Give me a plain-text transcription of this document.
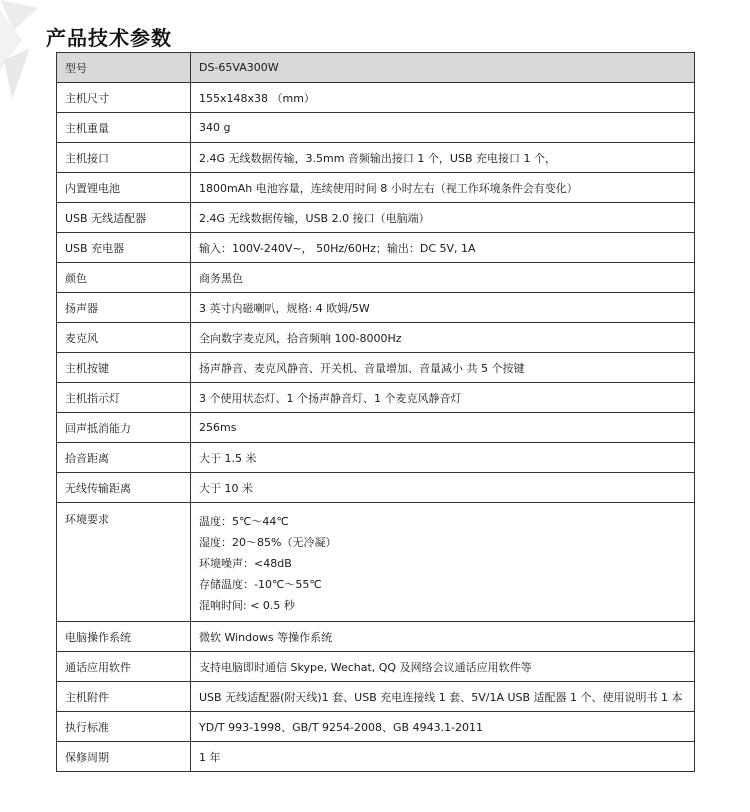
产品技术参数
型号	DS-65VA300W
主机尺寸	155x148x38 （mm）
主机重量	340 g
主机接口	2.4G 无线数据传输，3.5mm 音频输出接口 1 个，USB 充电接口 1 个，
内置锂电池	1800mAh 电池容量，连续使用时间 8 小时左右（视工作环境条件会有变化）
USB 无线适配器	2.4G 无线数据传输，USB 2.0 接口（电脑端）
USB 充电器	输入：100V-240V~， 50Hz/60Hz；输出：DC 5V, 1A
颜色	商务黑色
扬声器	3 英寸内磁喇叭，规格: 4 欧姆/5W
麦克风	全向数字麦克风，拾音频响 100-8000Hz
主机按键	扬声静音、麦克风静音、开关机、音量增加、音量减小 共 5 个按键
主机指示灯	3 个使用状态灯、1 个扬声静音灯、1 个麦克风静音灯
回声抵消能力	256ms
拾音距离	大于 1.5 米
无线传输距离	大于 10 米
环境要求	温度：5℃～44℃
湿度：20～85%（无冷凝）
环境噪声：<48dB
存储温度：-10℃～55℃
混响时间: < 0.5 秒

电脑操作系统	微软 Windows 等操作系统
通话应用软件	支持电脑即时通信 Skype, Wechat, QQ 及网络会议通话应用软件等
主机附件	USB 无线适配器(附天线)1 套、USB 充电连接线 1 套、5V/1A USB 适配器 1 个、使用说明书 1 本
执行标准	YD/T 993-1998、GB/T 9254-2008、GB 4943.1-2011
保修周期	1 年
